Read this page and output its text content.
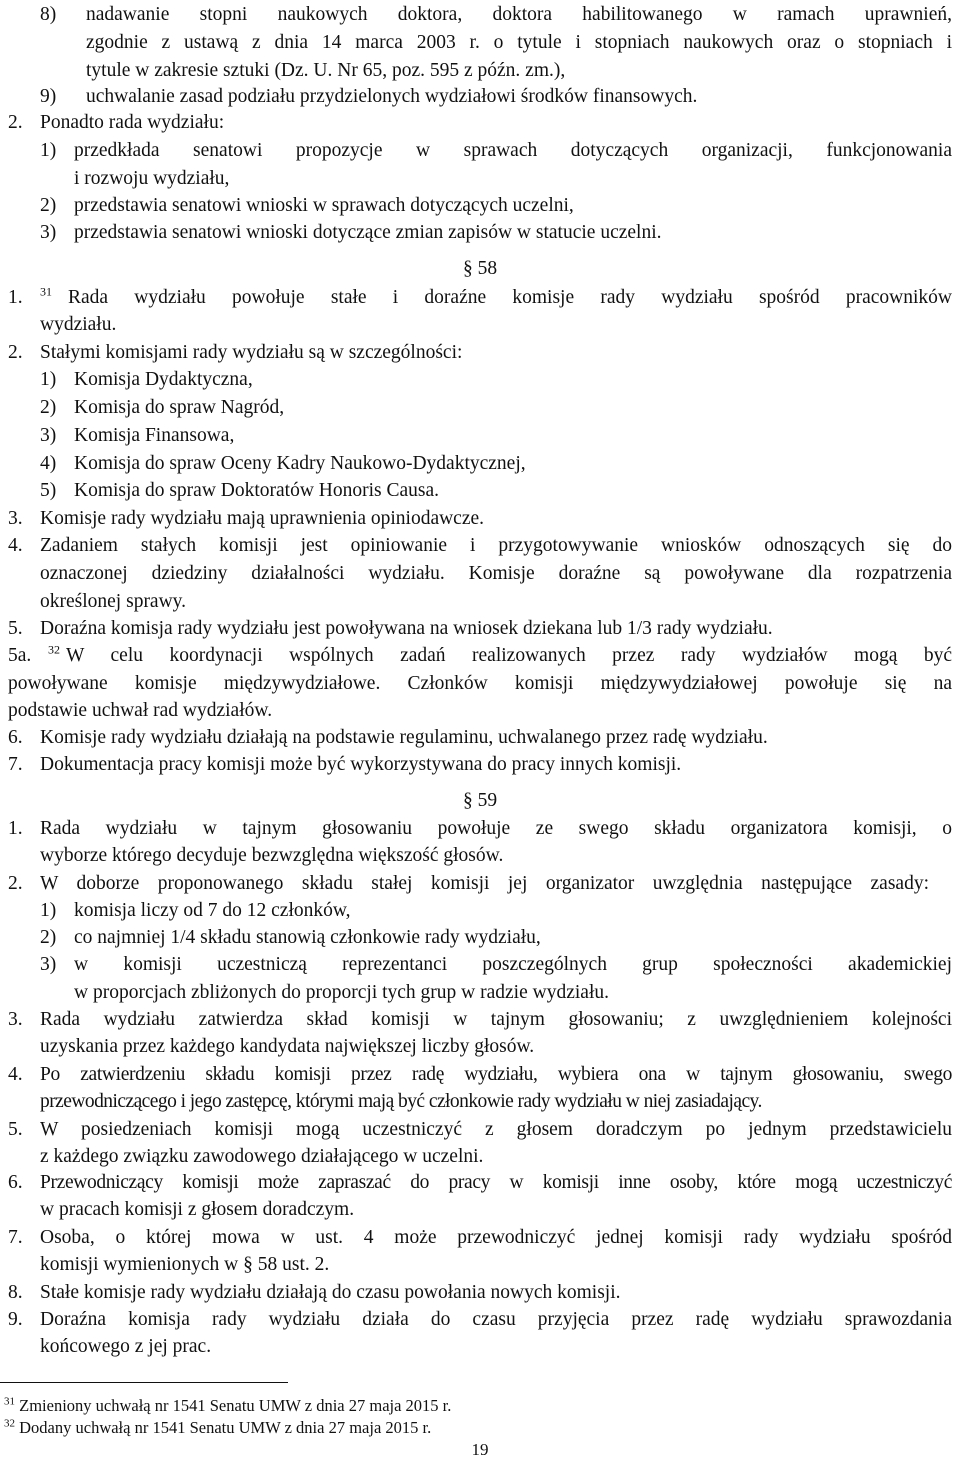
8) nadawanie stopni naukowych doktora, doktora habilitowanego w ramach uprawnień,
zgodnie z ustawą z dnia 14 marca 2003 r. o tytule i stopniach naukowych oraz o stopniach i
tytule w zakresie sztuki (Dz. U. Nr 65, poz. 595 z późn. zm.),
9) uchwalanie zasad podziału przydzielonych wydziałowi środków finansowych.
2. Ponadto rada wydziału:
1) przedkłada senatowi propozycje w sprawach dotyczących organizacji, funkcjonowania
i rozwoju wydziału,
2) przedstawia senatowi wnioski w sprawach dotyczących uczelni,
3) przedstawia senatowi wnioski dotyczące zmian zapisów w statucie uczelni.
§ 58
1. $^{31}$ Rada wydziału powołuje stałe i doraźne komisje rady wydziału spośród pracowników
wydziału.
2. Stałymi komisjami rady wydziału są w szczególności:
1) Komisja Dydaktyczna,
2) Komisja do spraw Nagród,
3) Komisja Finansowa,
4) Komisja do spraw Oceny Kadry Naukowo-Dydaktycznej,
5) Komisja do spraw Doktoratów Honoris Causa.
3. Komisje rady wydziału mają uprawnienia opiniodawcze.
4. Zadaniem stałych komisji jest opiniowanie i przygotowywanie wniosków odnoszących się do
oznaczonej dziedziny działalności wydziału. Komisje doraźne są powoływane dla rozpatrzenia
określonej sprawy.
5. Doraźna komisja rady wydziału jest powoływana na wniosek dziekana lub 1/3 rady wydziału.
5a. $^{32}$ W celu koordynacji wspólnych zadań realizowanych przez rady wydziałów mogą być
powoływane komisje międzywydziałowe. Członków komisji międzywydziałowej powołuje się na
podstawie uchwał rad wydziałów.
6. Komisje rady wydziału działają na podstawie regulaminu, uchwalanego przez radę wydziału.
7. Dokumentacja pracy komisji może być wykorzystywana do pracy innych komisji.
§ 59
1. Rada wydziału w tajnym głosowaniu powołuje ze swego składu organizatora komisji, o
wyborze którego decyduje bezwzględna większość głosów.
2. W doborze proponowanego składu stałej komisji jej organizator uwzględnia następujące zasady:
1) komisja liczy od 7 do 12 członków,
2) co najmniej 1/4 składu stanowią członkowie rady wydziału,
3) w komisji uczestniczą reprezentanci poszczególnych grup społeczności akademickiej
w proporcjach zbliżonych do proporcji tych grup w radzie wydziału.
3. Rada wydziału zatwierdza skład komisji w tajnym głosowaniu; z uwzględnieniem kolejności
uzyskania przez każdego kandydata największej liczby głosów.
4. Po zatwierdzeniu składu komisji przez radę wydziału, wybiera ona w tajnym głosowaniu, swego
przewodniczącego i jego zastępcę, którymi mają być członkowie rady wydziału w niej zasiadający.
5. W posiedzeniach komisji mogą uczestniczyć z głosem doradczym po jednym przedstawicielu
z każdego związku zawodowego działającego w uczelni.
6. Przewodniczący komisji może zapraszać do pracy w komisji inne osoby, które mogą uczestniczyć
w pracach komisji z głosem doradczym.
7. Osoba, o której mowa w ust. 4 może przewodniczyć jednej komisji rady wydziału spośród
komisji wymienionych w § 58 ust. 2.
8. Stałe komisje rady wydziału działają do czasu powołania nowych komisji.
9. Doraźna komisja rady wydziału działa do czasu przyjęcia przez radę wydziału sprawozdania
końcowego z jej prac.
$^{31}$ Zmieniony uchwałą nr 1541 Senatu UMW z dnia 27 maja 2015 r.
$^{32}$ Dodany uchwałą nr 1541 Senatu UMW z dnia 27 maja 2015 r.
19
